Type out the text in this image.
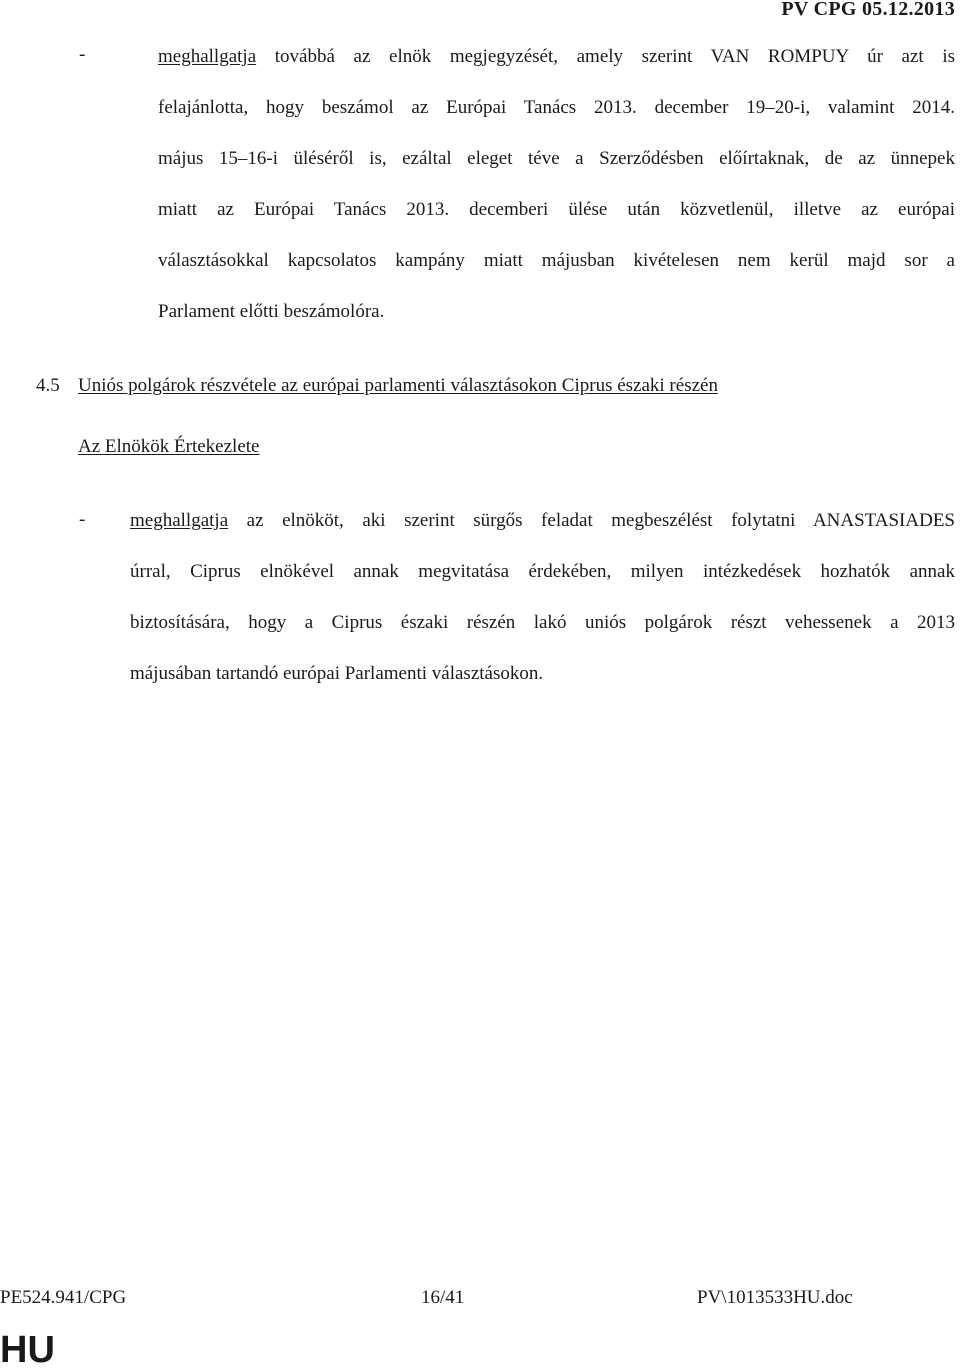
PV CPG 05.12.2013
-	meghallgatja továbbá az elnök megjegyzését, amely szerint VAN ROMPUY úr azt is
felajánlotta, hogy beszámol az Európai Tanács 2013. december 19–20-i, valamint 2014.
május 15–16-i üléséről is, ezáltal eleget téve a Szerződésben előírtaknak, de az ünnepek
miatt az Európai Tanács 2013. decemberi ülése után közvetlenül, illetve az európai
választásokkal kapcsolatos kampány miatt májusban kivételesen nem kerül majd sor a
Parlament előtti beszámolóra.
4.5 Uniós polgárok részvétele az európai parlamenti választásokon Ciprus északi részén
Az Elnökök Értekezlete
- meghallgatja az elnököt, aki szerint sürgős feladat megbeszélést folytatni ANASTASIADES
úrral, Ciprus elnökével annak megvitatása érdekében, milyen intézkedések hozhatók annak
biztosítására, hogy a Ciprus északi részén lakó uniós polgárok részt vehessenek a 2013
májusában tartandó európai Parlamenti választásokon.
PE524.941/CPG	16/41	PV\1013533HU.doc
HU
